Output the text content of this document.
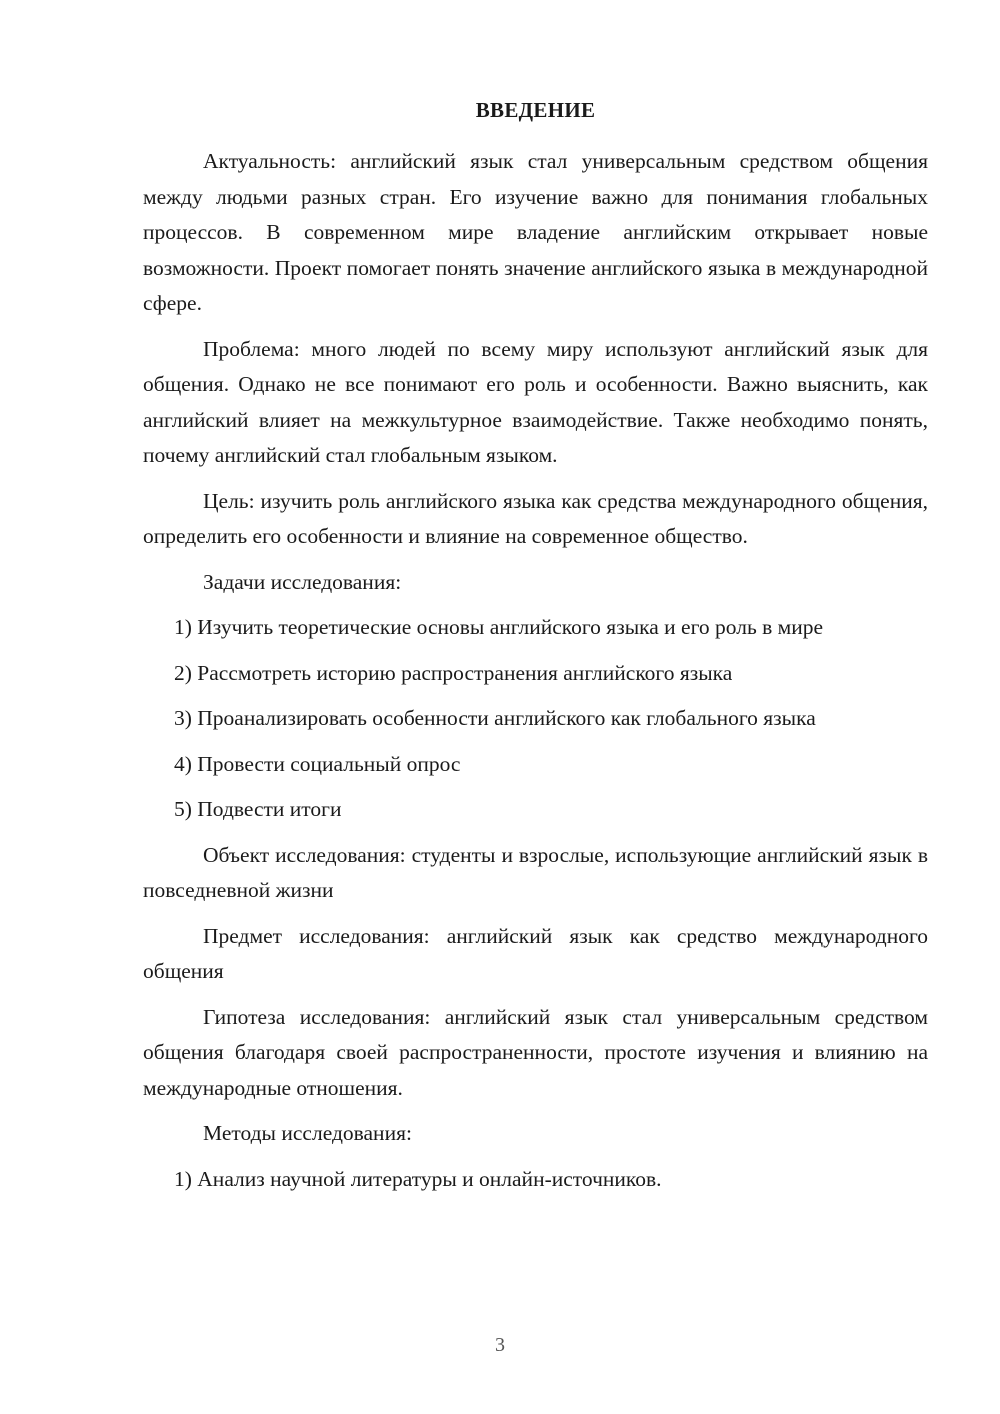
ВВЕДЕНИЕ

Актуальность: английский язык стал универсальным средством общения между людьми разных стран. Его изучение важно для понимания глобальных процессов. В современном мире владение английским открывает новые возможности. Проект помогает понять значение английского языка в международной сфере.

Проблема: много людей по всему миру используют английский язык для общения. Однако не все понимают его роль и особенности. Важно выяснить, как английский влияет на межкультурное взаимодействие. Также необходимо понять, почему английский стал глобальным языком.

Цель: изучить роль английского языка как средства международного общения, определить его особенности и влияние на современное общество.

Задачи исследования:

1) Изучить теоретические основы английского языка и его роль в мире

2) Рассмотреть историю распространения английского языка

3) Проанализировать особенности английского как глобального языка

4) Провести социальный опрос

5) Подвести итоги

Объект исследования: студенты и взрослые, использующие английский язык в повседневной жизни

Предмет исследования: английский язык как средство международного общения

Гипотеза исследования: английский язык стал универсальным средством общения благодаря своей распространенности, простоте изучения и влиянию на международные отношения.

Методы исследования:

1) Анализ научной литературы и онлайн-источников.

3
